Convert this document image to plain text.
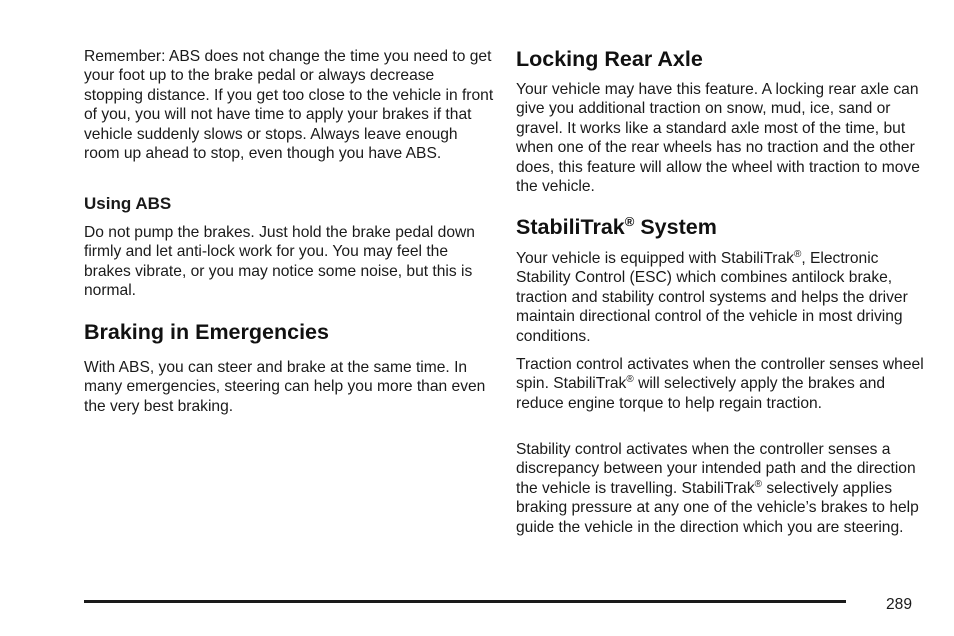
Remember: ABS does not change the time you need to get your foot up to the brake pedal or always decrease stopping distance. If you get too close to the vehicle in front of you, you will not have time to apply your brakes if that vehicle suddenly slows or stops. Always leave enough room up ahead to stop, even though you have ABS.

Using ABS

Do not pump the brakes. Just hold the brake pedal down firmly and let anti-lock work for you. You may feel the brakes vibrate, or you may notice some noise, but this is normal.

Braking in Emergencies

With ABS, you can steer and brake at the same time. In many emergencies, steering can help you more than even the very best braking.

Locking Rear Axle

Your vehicle may have this feature. A locking rear axle can give you additional traction on snow, mud, ice, sand or gravel. It works like a standard axle most of the time, but when one of the rear wheels has no traction and the other does, this feature will allow the wheel with traction to move the vehicle.

StabiliTrak® System

Your vehicle is equipped with StabiliTrak®, Electronic Stability Control (ESC) which combines antilock brake, traction and stability control systems and helps the driver maintain directional control of the vehicle in most driving conditions.

Traction control activates when the controller senses wheel spin. StabiliTrak® will selectively apply the brakes and reduce engine torque to help regain traction.

Stability control activates when the controller senses a discrepancy between your intended path and the direction the vehicle is travelling. StabiliTrak® selectively applies braking pressure at any one of the vehicle’s brakes to help guide the vehicle in the direction which you are steering.

289
